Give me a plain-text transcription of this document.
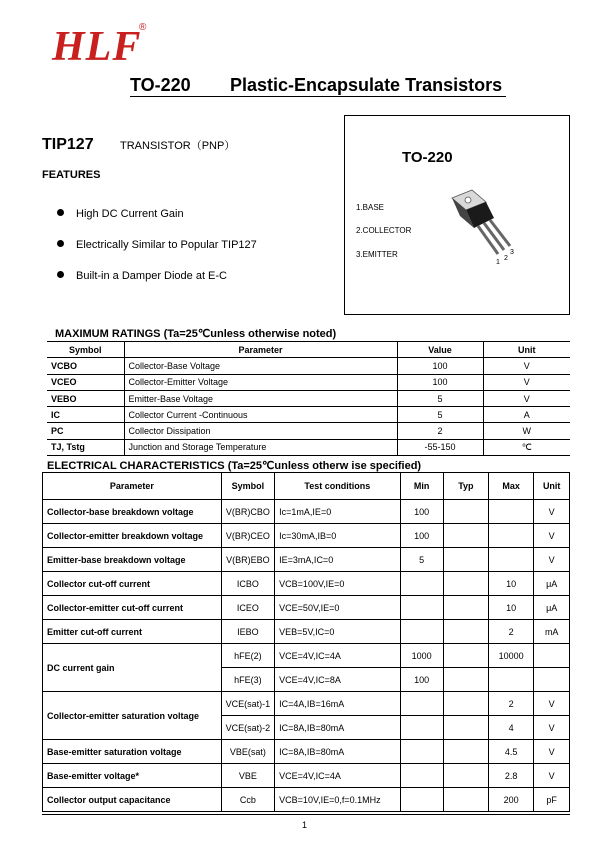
HLF
®
TO-220 Plastic-Encapsulate Transistors
TIP127 TRANSISTOR（PNP）
FEATURES
High DC Current Gain
Electrically Similar to Popular TIP127
Built-in a Damper Diode at E-C
TO-220
1.BASE
2.COLLECTOR
3.EMITTER
1
2
3
MAXIMUM RATINGS (Ta=25℃unless otherwise noted)
Symbol	Parameter	Value	Unit
VCBO	Collector-Base Voltage	100	V
VCEO	Collector-Emitter Voltage	100	V
VEBO	Emitter-Base Voltage	5	V
IC	Collector Current -Continuous	5	A
PC	Collector Dissipation	2	W
TJ, Tstg	Junction and Storage Temperature	-55-150	℃
ELECTRICAL CHARACTERISTICS (Ta=25℃unless otherw ise specified)
Parameter	Symbol	Test conditions	Min	Typ	Max	Unit
Collector-base breakdown voltage	V(BR)CBO	Ic=1mA,IE=0	100			V
Collector-emitter breakdown voltage	V(BR)CEO	Ic=30mA,IB=0	100			V
Emitter-base breakdown voltage	V(BR)EBO	IE=3mA,IC=0	5			V
Collector cut-off current	ICBO	VCB=100V,IE=0			10	μA
Collector-emitter cut-off current	ICEO	VCE=50V,IE=0			10	μA
Emitter cut-off current	IEBO	VEB=5V,IC=0			2	mA
DC current gain	hFE(2)	VCE=4V,IC=4A	1000		10000	
	hFE(3)	VCE=4V,IC=8A	100			
Collector-emitter saturation voltage	VCE(sat)-1	IC=4A,IB=16mA			2	V
	VCE(sat)-2	IC=8A,IB=80mA			4	V
Base-emitter saturation voltage	VBE(sat)	IC=8A,IB=80mA			4.5	V
Base-emitter voltage*	VBE	VCE=4V,IC=4A			2.8	V
Collector output capacitance	Ccb	VCB=10V,IE=0,f=0.1MHz			200	pF
1
